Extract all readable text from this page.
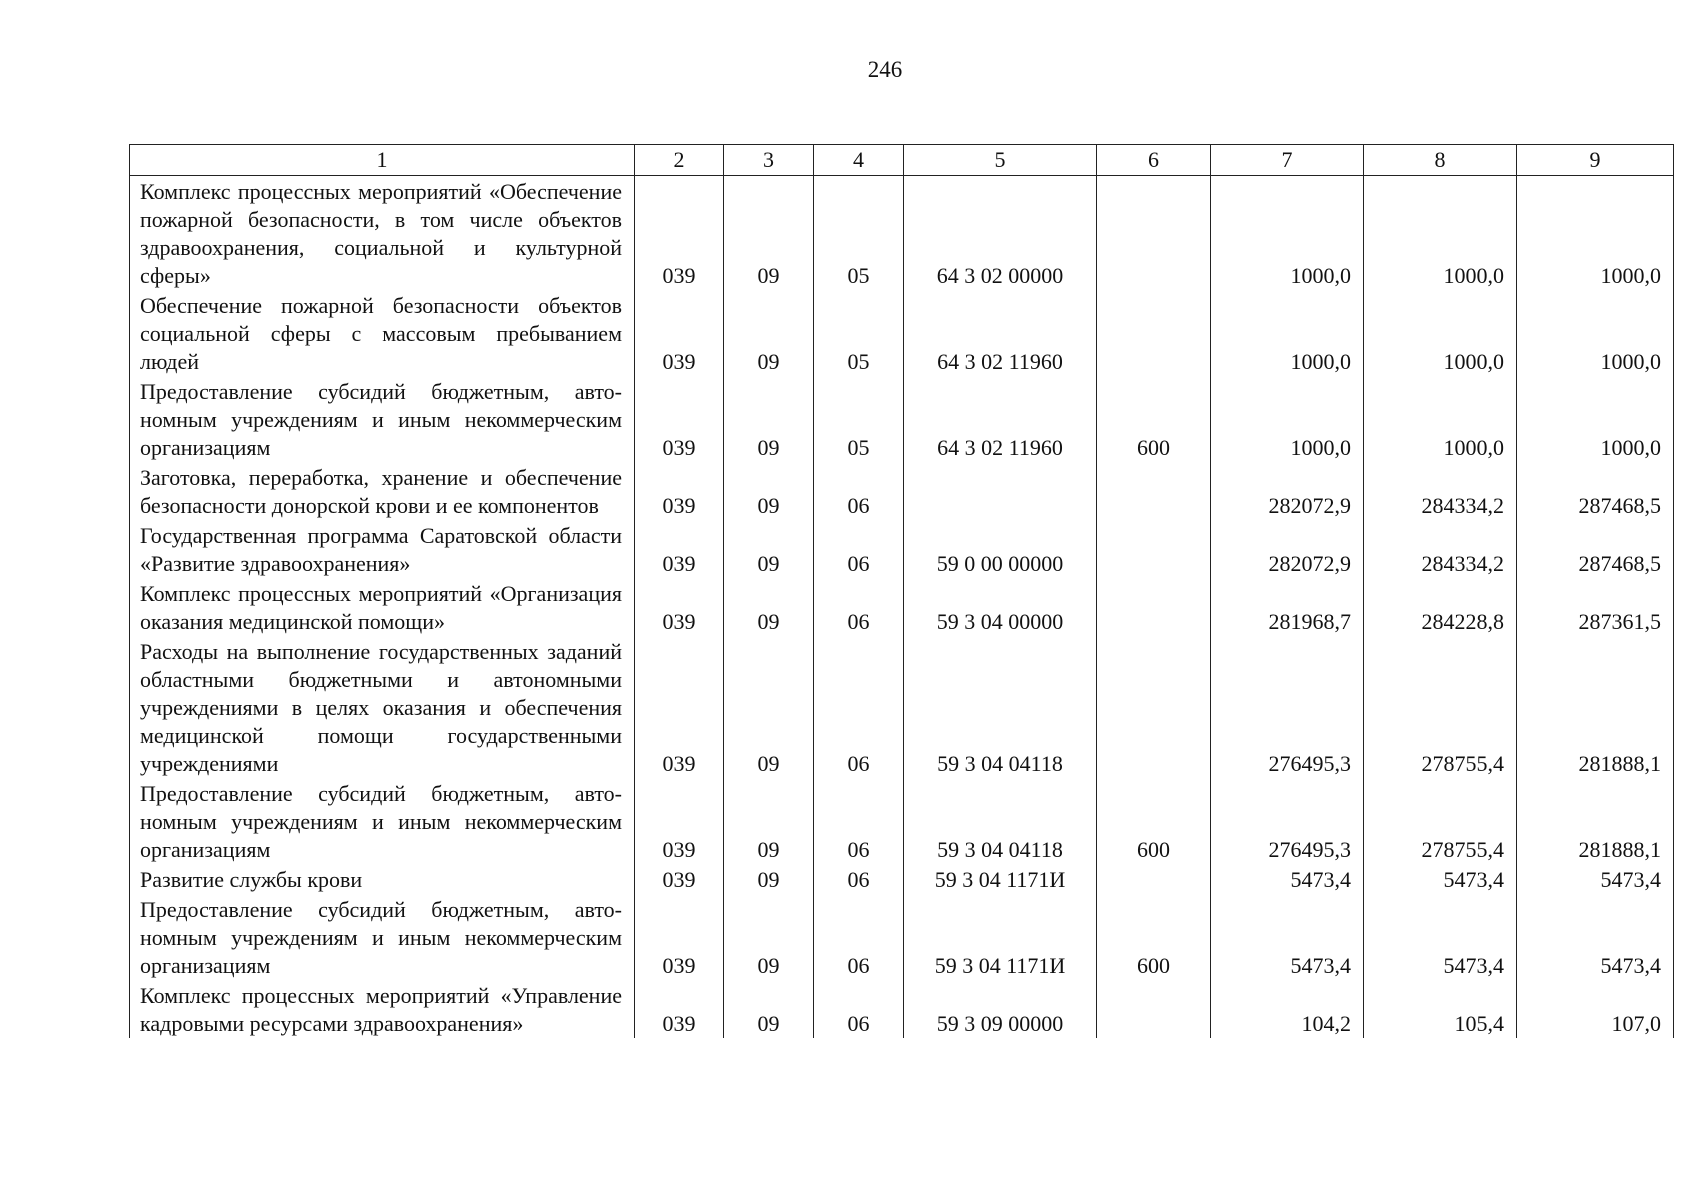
246
1	2	3	4	5	6	7	8	9
Комплекс процессных мероприятий «Обеспечение пожарной безопасности, в том числе объектов здравоохранения, социальной и культурной сферы»	039	09	05	64 3 02 00000		1000,0	1000,0	1000,0
Обеспечение пожарной безопасности объектов социальной сферы с массовым пребыванием людей	039	09	05	64 3 02 11960		1000,0	1000,0	1000,0
Предоставление субсидий бюджетным, автономным учреждениям и иным некоммерческим организациям	039	09	05	64 3 02 11960	600	1000,0	1000,0	1000,0
Заготовка, переработка, хранение и обеспечение безопасности донорской крови и ее компонентов	039	09	06			282072,9	284334,2	287468,5
Государственная программа Саратовской области «Развитие здравоохранения»	039	09	06	59 0 00 00000		282072,9	284334,2	287468,5
Комплекс процессных мероприятий «Организация оказания медицинской помощи»	039	09	06	59 3 04 00000		281968,7	284228,8	287361,5
Расходы на выполнение государственных заданий областными бюджетными и автономными учреждениями в целях оказания и обеспечения медицинской помощи государственными учреждениями	039	09	06	59 3 04 04118		276495,3	278755,4	281888,1
Предоставление субсидий бюджетным, автономным учреждениям и иным некоммерческим организациям	039	09	06	59 3 04 04118	600	276495,3	278755,4	281888,1
Развитие службы крови	039	09	06	59 3 04 1171И		5473,4	5473,4	5473,4
Предоставление субсидий бюджетным, автономным учреждениям и иным некоммерческим организациям	039	09	06	59 3 04 1171И	600	5473,4	5473,4	5473,4
Комплекс процессных мероприятий «Управление кадровыми ресурсами здравоохранения»	039	09	06	59 3 09 00000		104,2	105,4	107,0
